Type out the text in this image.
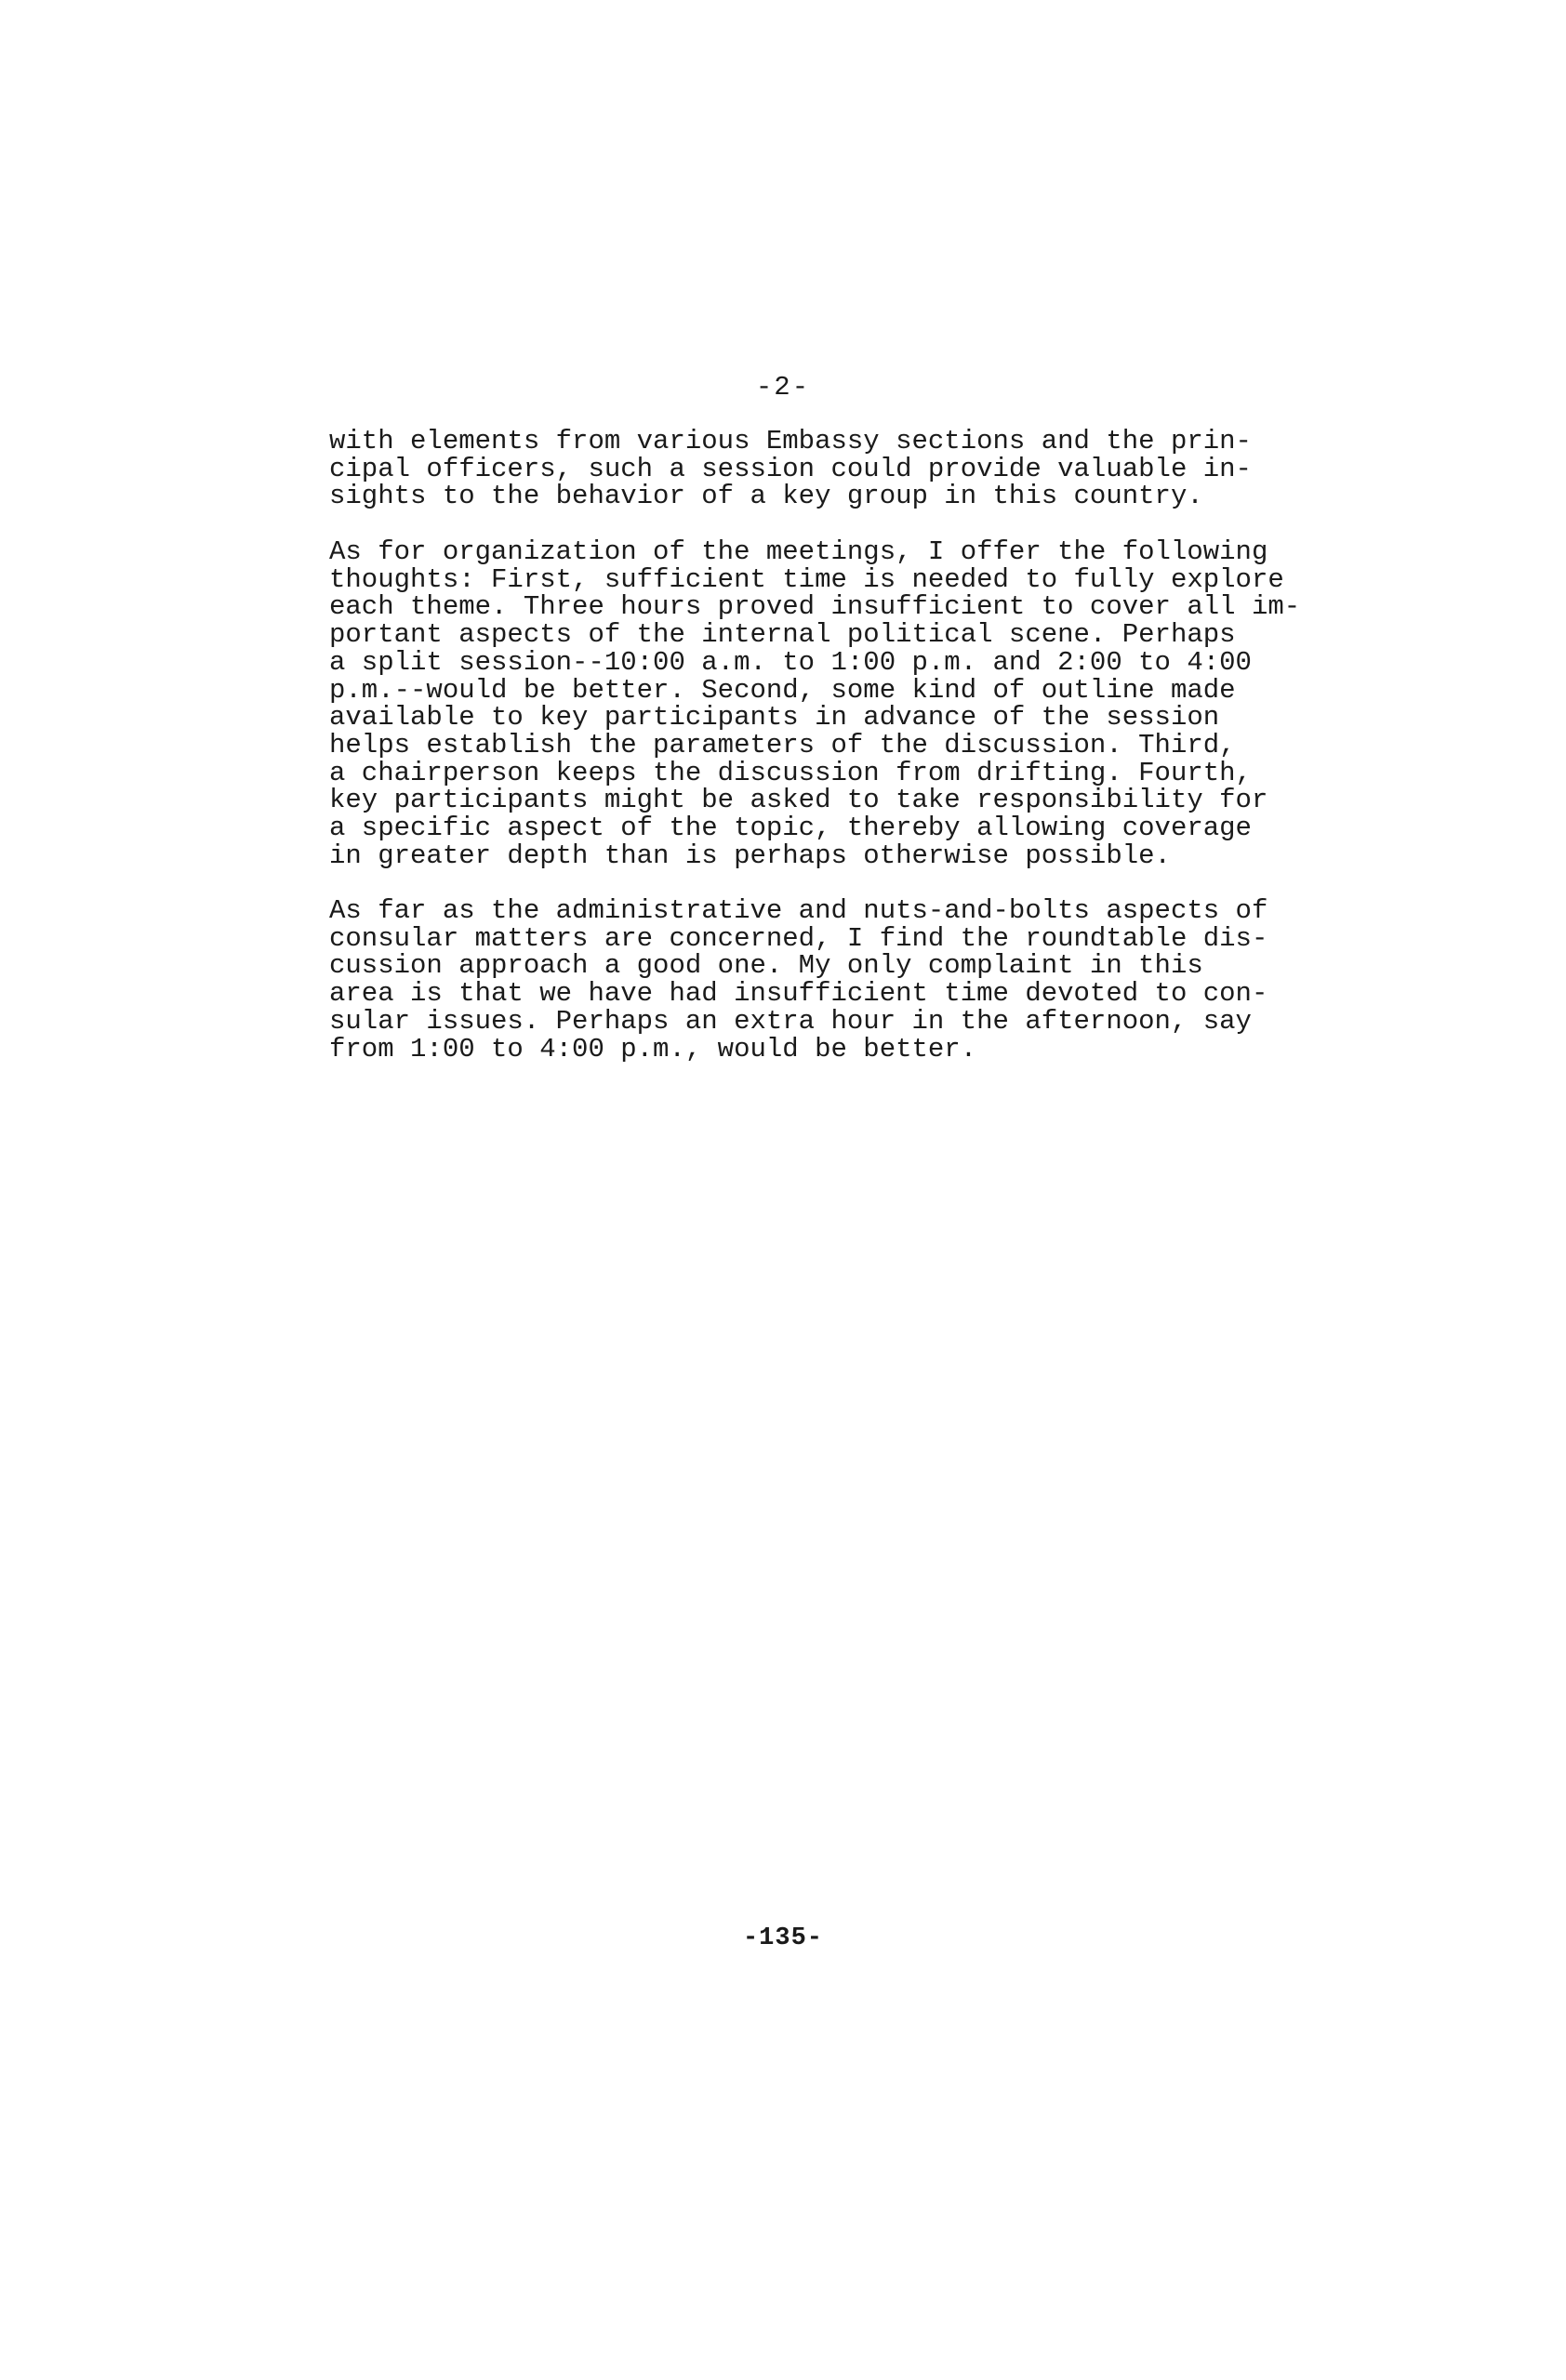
-2-

with elements from various Embassy sections and the prin-
cipal officers, such a session could provide valuable in-
sights to the behavior of a key group in this country.

As for organization of the meetings, I offer the following
thoughts: First, sufficient time is needed to fully explore
each theme. Three hours proved insufficient to cover all im-
portant aspects of the internal political scene. Perhaps
a split session--10:00 a.m. to 1:00 p.m. and 2:00 to 4:00
p.m.--would be better. Second, some kind of outline made
available to key participants in advance of the session
helps establish the parameters of the discussion. Third,
a chairperson keeps the discussion from drifting. Fourth,
key participants might be asked to take responsibility for
a specific aspect of the topic, thereby allowing coverage
in greater depth than is perhaps otherwise possible.

As far as the administrative and nuts-and-bolts aspects of
consular matters are concerned, I find the roundtable dis-
cussion approach a good one. My only complaint in this
area is that we have had insufficient time devoted to con-
sular issues. Perhaps an extra hour in the afternoon, say
from 1:00 to 4:00 p.m., would be better.

-135-
